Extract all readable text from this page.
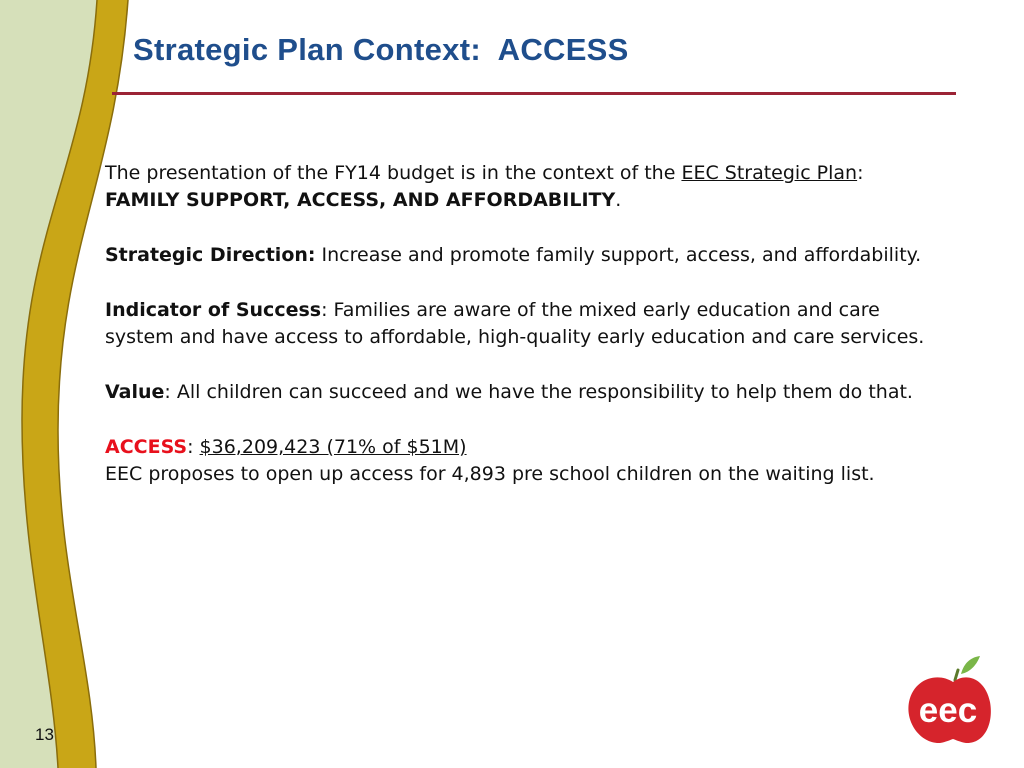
Strategic Plan Context:  ACCESS

The presentation of the FY14 budget is in the context of the EEC Strategic Plan: FAMILY SUPPORT, ACCESS, AND AFFORDABILITY.

Strategic Direction: Increase and promote family support, access, and affordability.

Indicator of Success: Families are aware of the mixed early education and care system and have access to affordable, high-quality early education and care services.

Value: All children can succeed and we have the responsibility to help them do that.

ACCESS: $36,209,423 (71% of $51M)

EEC proposes to open up access for 4,893 pre school children on the waiting list.

13
eec
